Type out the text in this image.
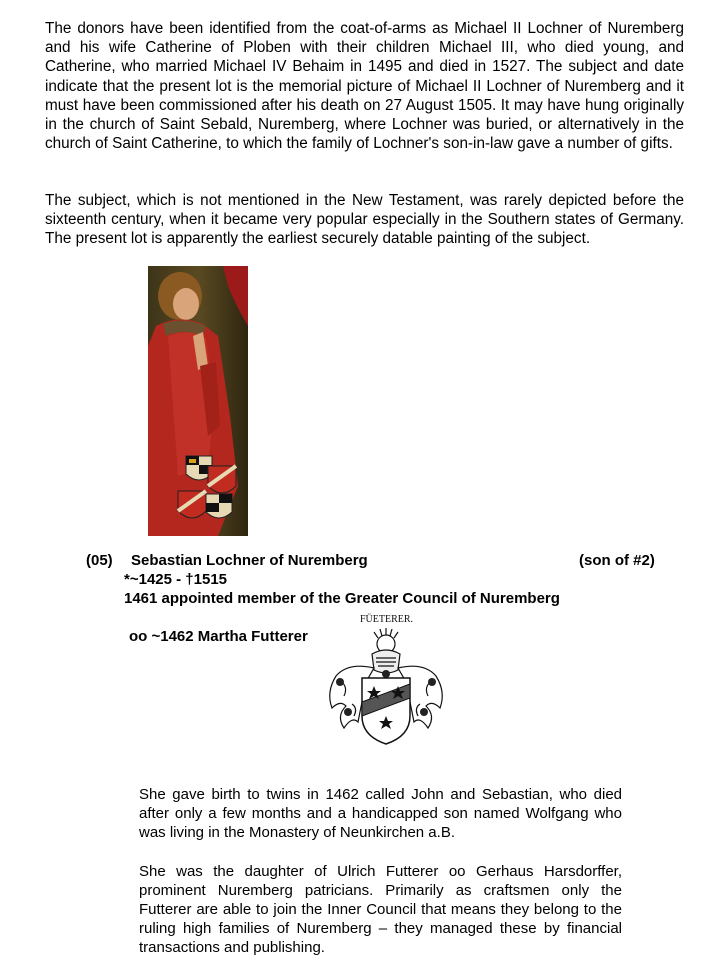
The donors have been identified from the coat-of-arms as Michael II Lochner of Nuremberg and his wife Catherine of Ploben with their children Michael III, who died young, and Catherine, who married Michael IV Behaim in 1495 and died in 1527. The subject and date indicate that the present lot is the memorial picture of Michael II Lochner of Nuremberg and it must have been commissioned after his death on 27 August 1505. It may have hung originally in the church of Saint Sebald, Nuremberg, where Lochner was buried, or alternatively in the church of Saint Catherine, to which the family of Lochner's son-in-law gave a number of gifts.

The subject, which is not mentioned in the New Testament, was rarely depicted before the sixteenth century, when it became very popular especially in the Southern states of Germany. The present lot is apparently the earliest securely datable painting of the subject.

(05) Sebastian Lochner of Nuremberg	(son of #2)
*~1425 - †1515
1461 appointed member of the Greater Council of Nuremberg
oo ~1462 Martha Futterer
FÜETERER.

She gave birth to twins in 1462 called John and Sebastian, who died after only a few months and a handicapped son named Wolfgang who was living in the Monastery of Neunkirchen a.B.

She was the daughter of Ulrich Futterer oo Gerhaus Harsdorffer, prominent Nuremberg patricians. Primarily as craftsmen only the Futterer are able to join the Inner Council that means they belong to the ruling high families of Nuremberg – they managed these by financial transactions and publishing.
